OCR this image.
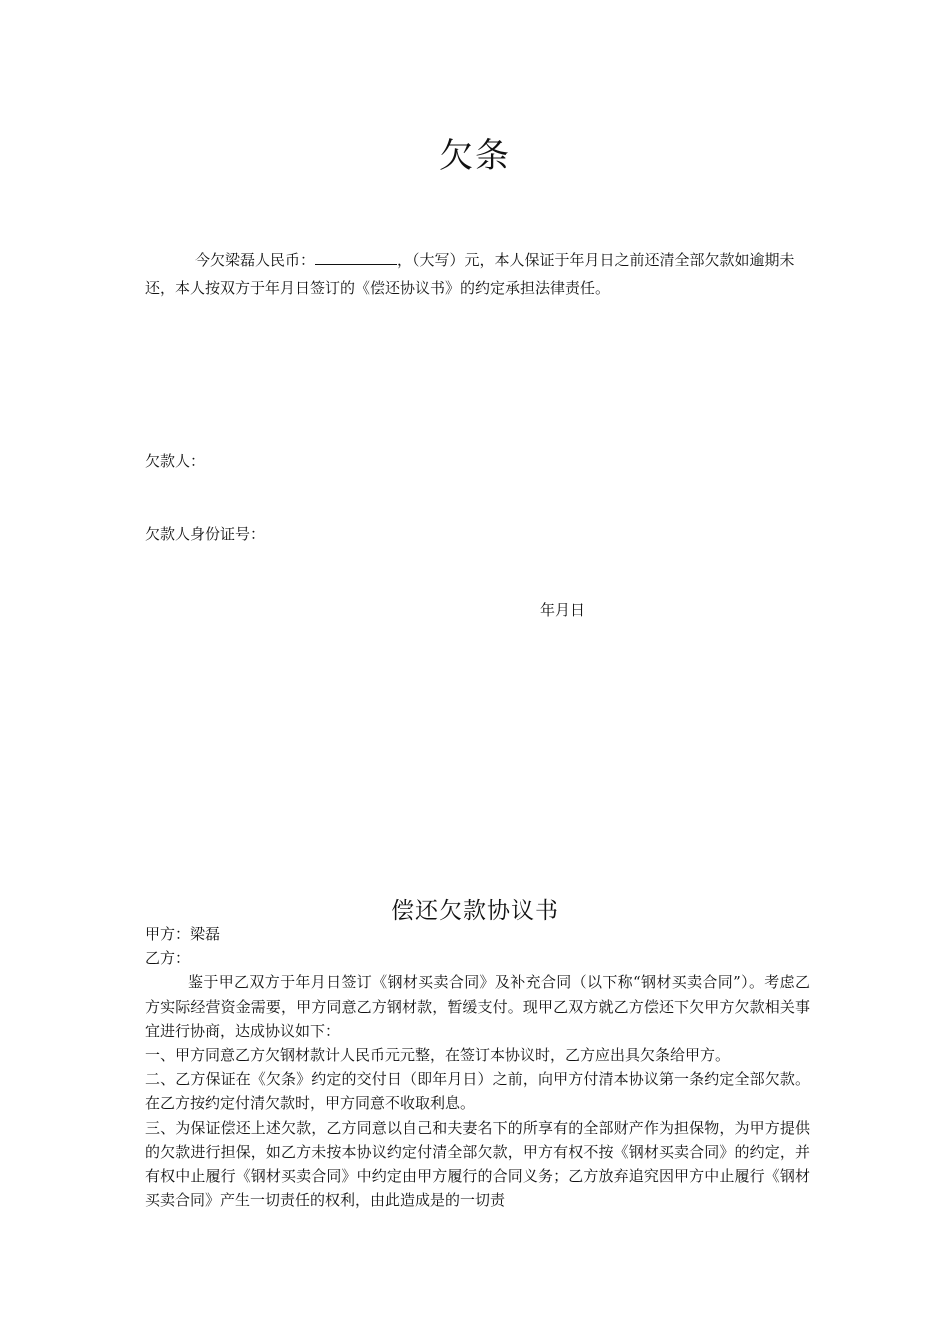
欠条
今欠梁磊人民币：	，（大写）元，本人保证于年月日之前还清全部欠款如逾期未还，本人按双方于年月日签订的《偿还协议书》的约定承担法律责任。
欠款人：
欠款人身份证号：
年月日
偿还欠款协议书

甲方：梁磊

乙方：

鉴于甲乙双方于年月日签订《钢材买卖合同》及补充合同（以下称“钢材买卖合同”）。考虑乙方实际经营资金需要，甲方同意乙方钢材款，暂缓支付。现甲乙双方就乙方偿还下欠甲方欠款相关事宜进行协商，达成协议如下：

一、甲方同意乙方欠钢材款计人民币元元整，在签订本协议时，乙方应出具欠条给甲方。

二、乙方保证在《欠条》约定的交付日（即年月日）之前，向甲方付清本协议第一条约定全部欠款。在乙方按约定付清欠款时，甲方同意不收取利息。

三、为保证偿还上述欠款，乙方同意以自己和夫妻名下的所享有的全部财产作为担保物，为甲方提供的欠款进行担保，如乙方未按本协议约定付清全部欠款，甲方有权不按《钢材买卖合同》的约定，并有权中止履行《钢材买卖合同》中约定由甲方履行的合同义务；乙方放弃追究因甲方中止履行《钢材买卖合同》产生一切责任的权利，由此造成是的一切责
